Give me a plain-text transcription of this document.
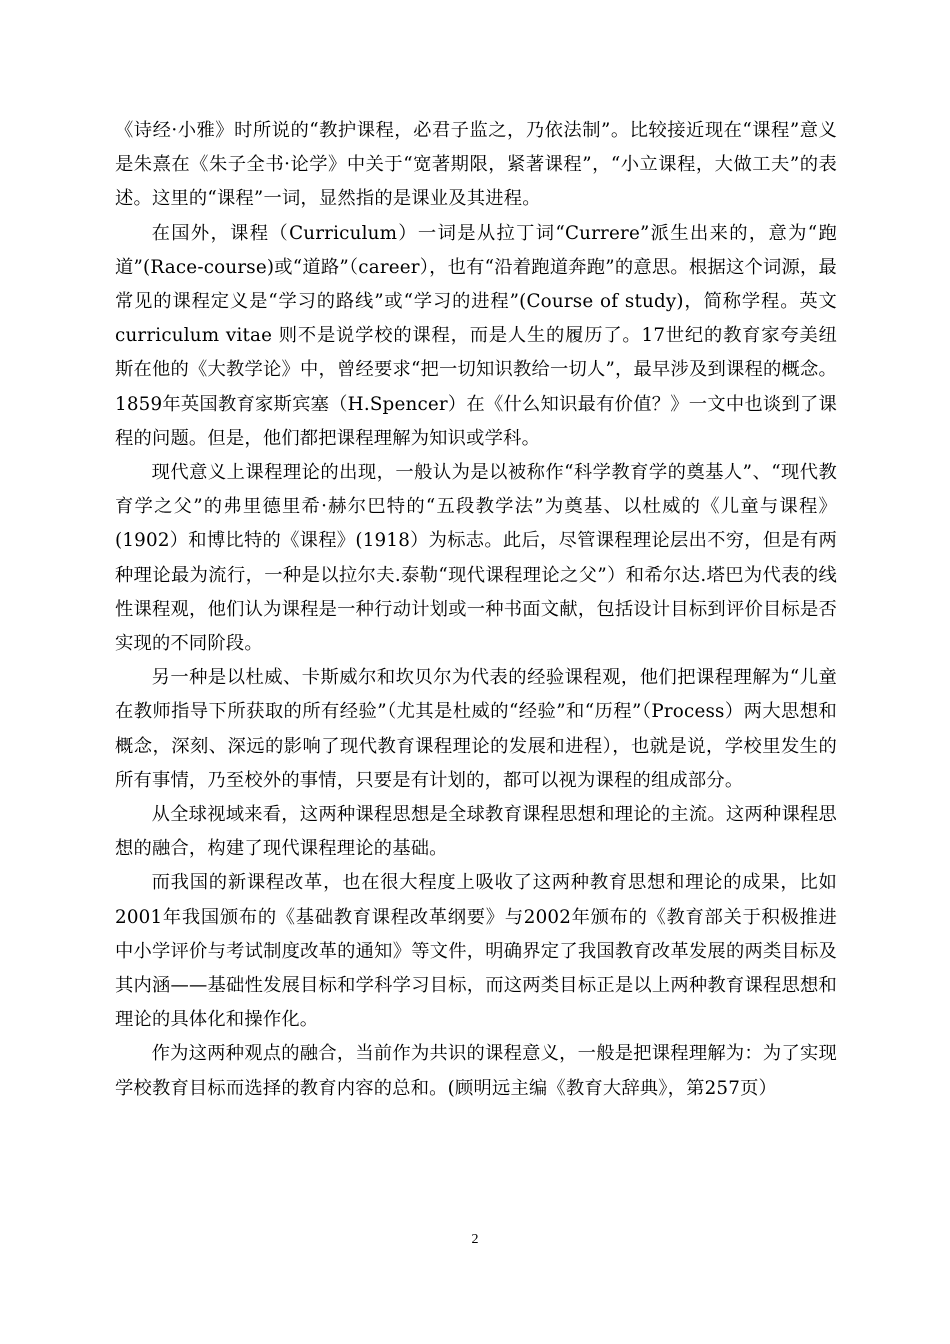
《诗经·小雅》时所说的“教护课程，必君子监之，乃依法制”。比较接近现在“课程”意义是朱熹在《朱子全书·论学》中关于“宽著期限，紧著课程”，“小立课程，大做工夫”的表述。这里的“课程”一词，显然指的是课业及其进程。

在国外，课程（Curriculum）一词是从拉丁词“Currere”派生出来的，意为“跑道”(Race-course)或“道路”（career），也有“沿着跑道奔跑”的意思。根据这个词源，最常见的课程定义是“学习的路线”或“学习的进程”(Course of study)，简称学程。英文curriculum vitae 则不是说学校的课程，而是人生的履历了。17世纪的教育家夸美纽斯在他的《大教学论》中，曾经要求“把一切知识教给一切人”，最早涉及到课程的概念。1859年英国教育家斯宾塞（H.Spencer）在《什么知识最有价值？》一文中也谈到了课程的问题。但是，他们都把课程理解为知识或学科。

现代意义上课程理论的出现，一般认为是以被称作“科学教育学的奠基人”、“现代教育学之父”的弗里德里希·赫尔巴特的“五段教学法”为奠基、以杜威的《儿童与课程》(1902）和博比特的《课程》(1918）为标志。此后，尽管课程理论层出不穷，但是有两种理论最为流行，一种是以拉尔夫.泰勒“现代课程理论之父”）和希尔达.塔巴为代表的线性课程观，他们认为课程是一种行动计划或一种书面文献，包括设计目标到评价目标是否实现的不同阶段。

另一种是以杜威、卡斯威尔和坎贝尔为代表的经验课程观，他们把课程理解为“儿童在教师指导下所获取的所有经验”（尤其是杜威的“经验”和“历程”（Process）两大思想和概念，深刻、深远的影响了现代教育课程理论的发展和进程），也就是说，学校里发生的所有事情，乃至校外的事情，只要是有计划的，都可以视为课程的组成部分。

从全球视域来看，这两种课程思想是全球教育课程思想和理论的主流。这两种课程思想的融合，构建了现代课程理论的基础。

而我国的新课程改革，也在很大程度上吸收了这两种教育思想和理论的成果，比如2001年我国颁布的《基础教育课程改革纲要》与2002年颁布的《教育部关于积极推进中小学评价与考试制度改革的通知》等文件，明确界定了我国教育改革发展的两类目标及其内涵——基础性发展目标和学科学习目标，而这两类目标正是以上两种教育课程思想和理论的具体化和操作化。

作为这两种观点的融合，当前作为共识的课程意义，一般是把课程理解为：为了实现学校教育目标而选择的教育内容的总和。(顾明远主编《教育大辞典》，第257页）

2
